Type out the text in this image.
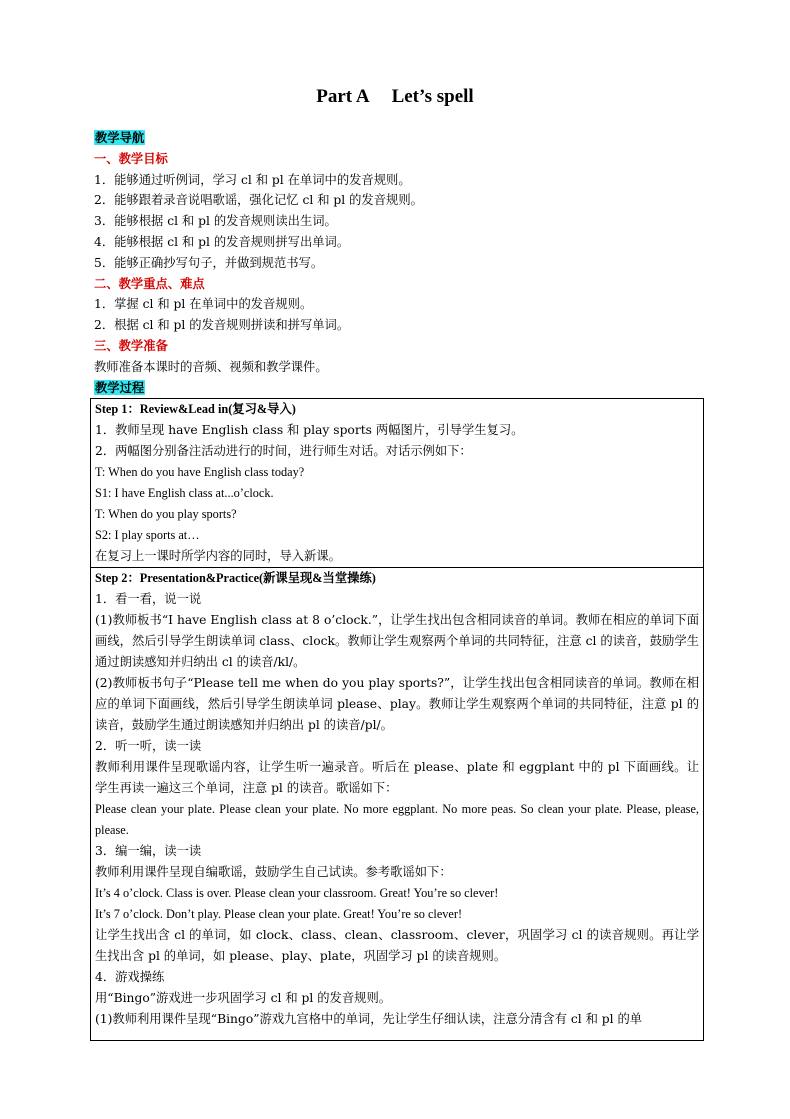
Part A Let’s spell
教学导航
一、教学目标
1．能够通过听例词，学习 cl 和 pl 在单词中的发音规则。
2．能够跟着录音说唱歌谣，强化记忆 cl 和 pl 的发音规则。
3．能够根据 cl 和 pl 的发音规则读出生词。
4．能够根据 cl 和 pl 的发音规则拼写出单词。
5．能够正确抄写句子，并做到规范书写。
二、教学重点、难点
1．掌握 cl 和 pl 在单词中的发音规则。
2．根据 cl 和 pl 的发音规则拼读和拼写单词。
三、教学准备
教师准备本课时的音频、视频和教学课件。
教学过程
Step 1：Review&Lead in(复习&导入)
1．教师呈现 have English class 和 play sports 两幅图片，引导学生复习。
2．两幅图分别备注活动进行的时间，进行师生对话。对话示例如下：
T: When do you have English class today?
S1: I have English class at...o’clock.
T: When do you play sports?
S2: I play sports at…
在复习上一课时所学内容的同时，导入新课。

Step 2：Presentation&Practice(新课呈现&当堂操练)
1．看一看，说一说
(1)教师板书“I have English class at 8 o’clock.”，让学生找出包含相同读音的单词。教师在相应的单词下面画线，然后引导学生朗读单词 class、clock。教师让学生观察两个单词的共同特征，注意 cl 的读音，鼓励学生通过朗读感知并归纳出 cl 的读音/kl/。
(2)教师板书句子“Please tell me when do you play sports?”，让学生找出包含相同读音的单词。教师在相应的单词下面画线，然后引导学生朗读单词 please、play。教师让学生观察两个单词的共同特征，注意 pl 的读音，鼓励学生通过朗读感知并归纳出 pl 的读音/pl/。
2．听一听，读一读
教师利用课件呈现歌谣内容，让学生听一遍录音。听后在 please、plate 和 eggplant 中的 pl 下面画线。让学生再读一遍这三个单词，注意 pl 的读音。歌谣如下：
Please clean your plate. Please clean your plate. No more eggplant. No more peas. So clean your plate. Please, please, please.
3．编一编，读一读
教师利用课件呈现自编歌谣，鼓励学生自己试读。参考歌谣如下：
It’s 4 o’clock. Class is over. Please clean your classroom. Great! You’re so clever!
It’s 7 o’clock. Don’t play. Please clean your plate. Great! You’re so clever!
让学生找出含 cl 的单词，如 clock、class、clean、classroom、clever，巩固学习 cl 的读音规则。再让学生找出含 pl 的单词，如 please、play、plate，巩固学习 pl 的读音规则。
4．游戏操练
用“Bingo”游戏进一步巩固学习 cl 和 pl 的发音规则。
(1)教师利用课件呈现“Bingo”游戏九宫格中的单词，先让学生仔细认读，注意分清含有 cl 和 pl 的单
